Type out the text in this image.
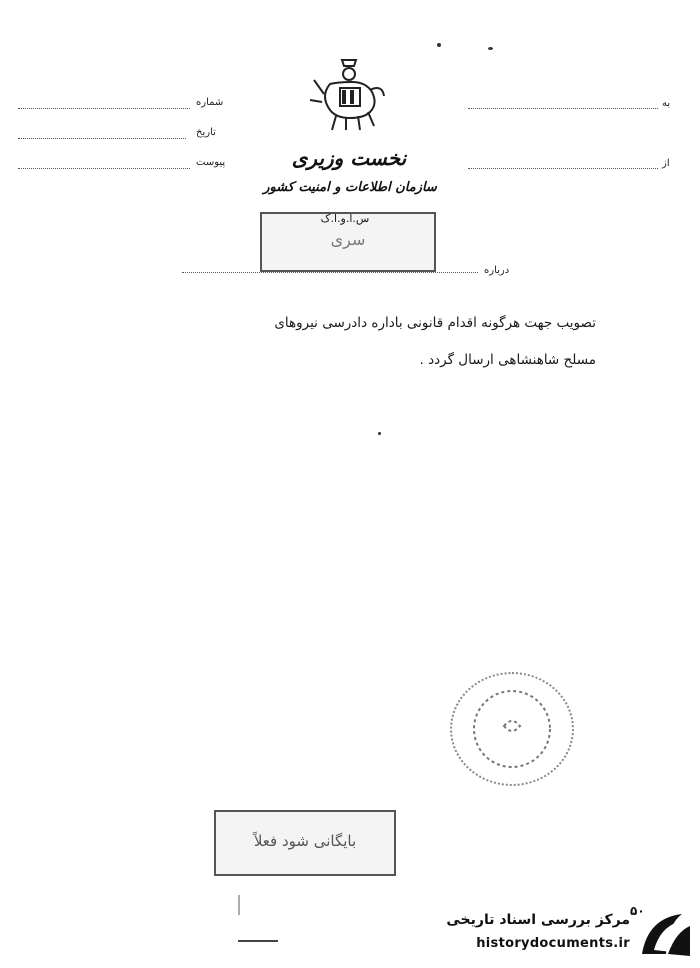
شماره
تاریخ
پیوست
به
از
نخست وزیری
سازمان اطلاعات و امنیت کشور
س.ا.و.ا.ک
سری
درباره
تصویب جهت هرگونه اقدام قانونی باداره دادرسی نیروهای
مسلح شاهنشاهی ارسال گردد .
بایگانی شود فعلاً
۵۰
مرکز بررسی اسناد تاریخی
historydocuments.ir
